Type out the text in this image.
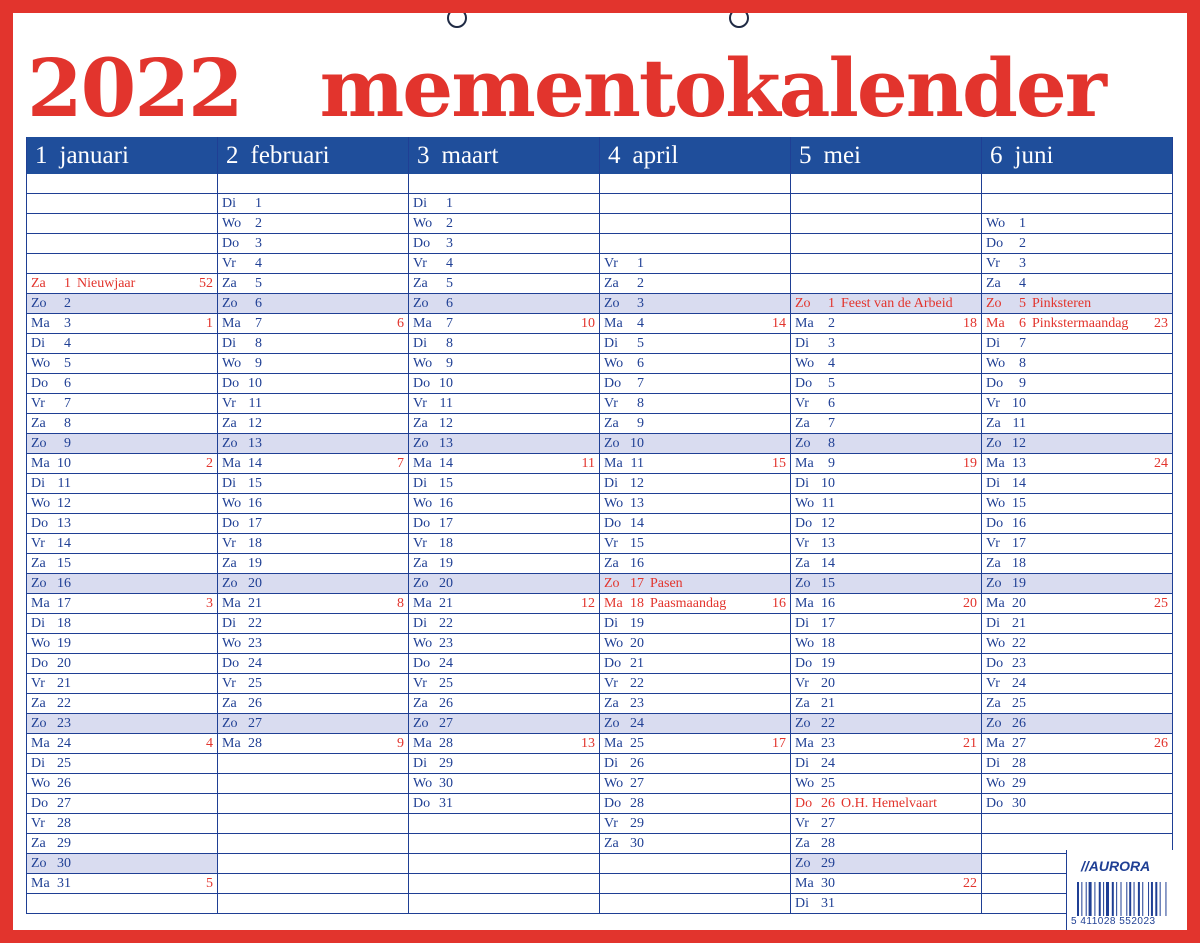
2022 mementokalender
1 januari
Za	1 Nieuwjaar	52
Zo	2
Ma	3	1
Di	4
Wo 5
Do	6
Vr	7
Za	8
Zo	9
Ma 10	2
Di 11
Wo 12
Do 13
Vr 14
Za 15
Zo 16
Ma 17	3
Di 18
Wo 19
Do 20
Vr 21
Za 22
Zo 23
Ma 24	4
Di 25
Wo 26
Do 27
Vr 28
Za 29
Zo 30
Ma 31	5
2 februari
Di	1
Wo 2
Do	3
Vr	4
Za	5
Zo	6
Ma	7	6
Di	8
Wo 9
Do 10
Vr 11
Za 12
Zo 13
Ma 14	7
Di 15
Wo 16
Do 17
Vr 18
Za 19
Zo 20
Ma 21	8
Di 22
Wo 23
Do 24
Vr 25
Za 26
Zo 27
Ma 28	9
3 maart
Di	1
Wo 2
Do	3
Vr	4
Za	5
Zo	6
Ma	7	10
Di	8
Wo 9
Do 10
Vr 11
Za 12
Zo 13
Ma 14	11
Di 15
Wo 16
Do 17
Vr 18
Za 19
Zo 20
Ma 21	12
Di 22
Wo 23
Do 24
Vr 25
Za 26
Zo 27
Ma 28	13
Di 29
Wo 30
Do 31
4 april
Vr	1
Za	2
Zo	3
Ma	4	14
Di	5
Wo 6
Do	7
Vr	8
Za	9
Zo 10
Ma 11	15
Di 12
Wo 13
Do 14
Vr 15
Za 16
Zo 17 Pasen
Ma 18 Paasmaandag	16
Di 19
Wo 20
Do 21
Vr 22
Za 23
Zo 24
Ma 25	17
Di 26
Wo 27
Do 28
Vr 29
Za 30
5 mei
Zo	1 Feest van de Arbeid
Ma	2	18
Di	3
Wo 4
Do	5
Vr	6
Za	7
Zo	8
Ma	9	19
Di 10
Wo 11
Do 12
Vr 13
Za 14
Zo 15
Ma 16	20
Di 17
Wo 18
Do 19
Vr 20
Za 21
Zo 22
Ma 23	21
Di 24
Wo 25
Do 26 O.H. Hemelvaart
Vr 27
Za 28
Zo 29
Ma 30	22
Di 31
6 juni
Wo 1
Do	2
Vr	3
Za	4
Zo	5 Pinksteren
Ma	6 Pinkstermaandag 23
Di	7
Wo 8
Do	9
Vr 10
Za 11
Zo 12
Ma 13	24
Di 14
Wo 15
Do 16
Vr 17
Za 18
Zo 19
Ma 20	25
Di 21
Wo 22
Do 23
Vr 24
Za 25
Zo 26
Ma 27	26
Di 28
Wo 29
Do 30
//AURORA
5 411028 552023
